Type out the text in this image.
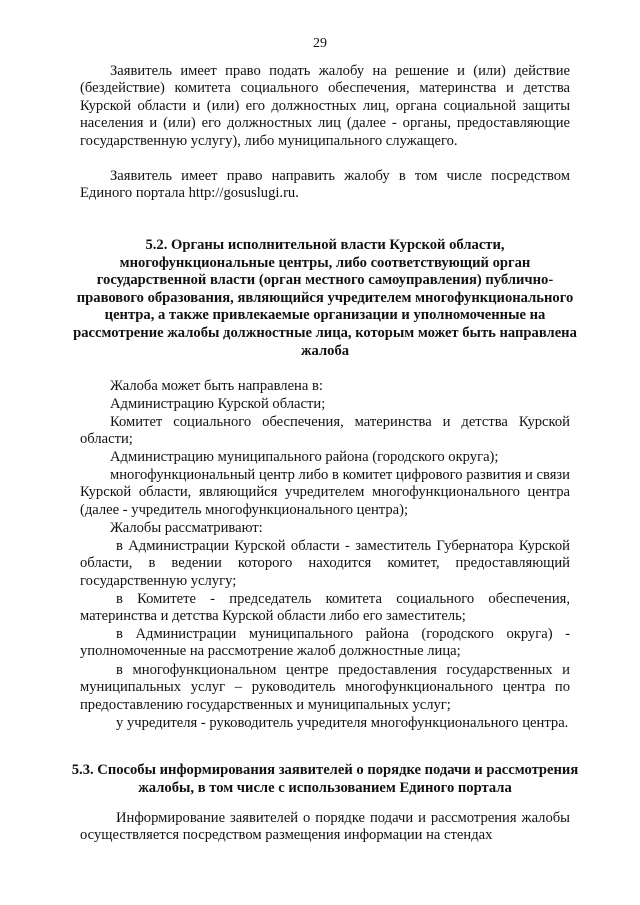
29

Заявитель имеет право подать жалобу на решение и (или) действие (бездействие) комитета социального обеспечения, материнства и детства Курской области и (или) его должностных лиц, органа социальной защиты населения и (или) его должностных лиц (далее - органы, предоставляющие государственную услугу), либо муниципального служащего.

Заявитель имеет право направить жалобу в том числе посредством Единого портала http://gosuslugi.ru.

5.2. Органы исполнительной власти Курской области, многофункциональные центры, либо соответствующий орган государственной власти (орган местного самоуправления) публично-правового образования, являющийся учредителем многофункционального центра, а также привлекаемые организации и уполномоченные на рассмотрение жалобы должностные лица, которым может быть направлена жалоба

Жалоба может быть направлена в:

Администрацию Курской области;

Комитет социального обеспечения, материнства и детства Курской области;

Администрацию муниципального района (городского округа);

многофункциональный центр либо в комитет цифрового развития и связи Курской области, являющийся учредителем многофункционального центра (далее - учредитель многофункционального центра);

Жалобы рассматривают:

в Администрации Курской области - заместитель Губернатора Курской области, в ведении которого находится комитет, предоставляющий государственную услугу;

в Комитете - председатель комитета социального обеспечения, материнства и детства Курской области либо его заместитель;

в Администрации муниципального района (городского округа) - уполномоченные на рассмотрение жалоб должностные лица;

в многофункциональном центре предоставления государственных и муниципальных услуг – руководитель многофункционального центра по предоставлению государственных и муниципальных услуг;

у учредителя - руководитель учредителя многофункционального центра.

5.3. Способы информирования заявителей о порядке подачи и рассмотрения жалобы, в том числе с использованием Единого портала

Информирование заявителей о порядке подачи и рассмотрения жалобы осуществляется посредством размещения информации на стендах
